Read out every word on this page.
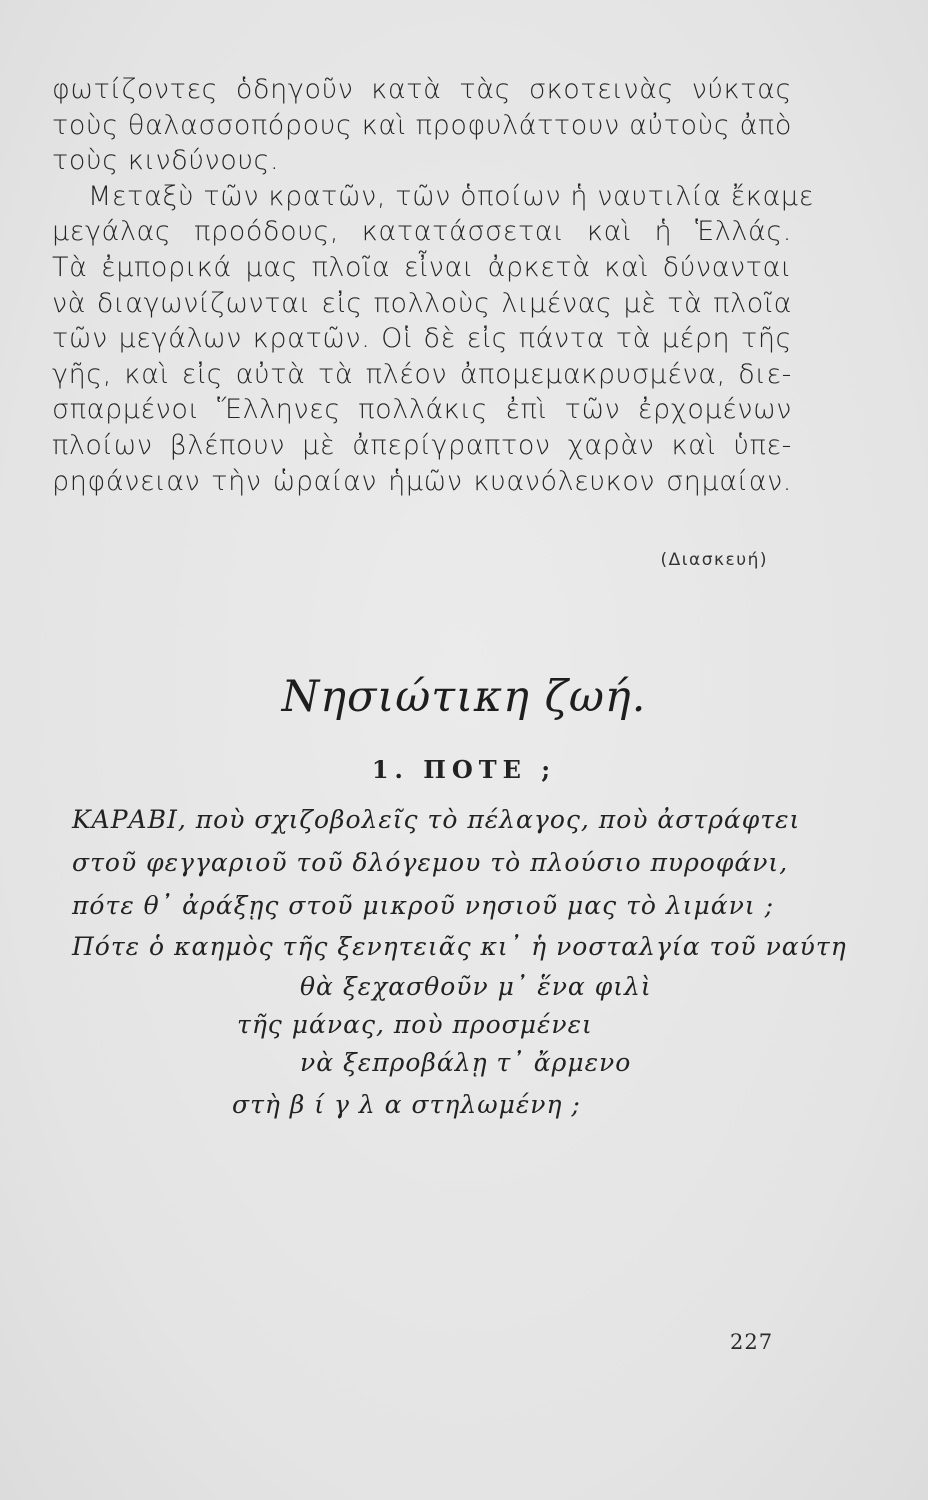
φωτίζοντες ὁδηγοῦν κατὰ τὰς σκοτεινὰς νύκτας
τοὺς θαλασσοπόρους καὶ προφυλάττουν αὐτοὺς ἀπὸ
τοὺς κινδύνους.
Μεταξὺ τῶν κρατῶν, τῶν ὁποίων ἡ ναυτιλία ἔκαμε
μεγάλας προόδους, κατατάσσεται καὶ ἡ Ἑλλάς.
Τὰ ἐμπορικά μας πλοῖα εἶναι ἀρκετὰ καὶ δύνανται
νὰ διαγωνίζωνται εἰς πολλοὺς λιμένας μὲ τὰ πλοῖα
τῶν μεγάλων κρατῶν. Οἱ δὲ εἰς πάντα τὰ μέρη τῆς
γῆς, καὶ εἰς αὐτὰ τὰ πλέον ἀπομεμακρυσμένα, διε-
σπαρμένοι Ἕλληνες πολλάκις ἐπὶ τῶν ἐρχομένων
πλοίων βλέπουν μὲ ἀπερίγραπτον χαρὰν καὶ ὑπε-
ρηφάνειαν τὴν ὡραίαν ἡμῶν κυανόλευκον σημαίαν.
(Διασκευή)
Νησιώτικη ζωή.
1. ΠΟΤΕ ;
ΚΑΡΑΒΙ, ποὺ σχιζοβολεῖς τὸ πέλαγος, ποὺ ἀστράφτει
στοῦ φεγγαριοῦ τοῦ δλόγεμου τὸ πλούσιο πυροφάνι,
πότε θ᾽ ἀράξῃς στοῦ μικροῦ νησιοῦ μας τὸ λιμάνι ;
Πότε ὁ καημὸς τῆς ξενητειᾶς κι᾽ ἡ νοσταλγία τοῦ ναύτη
θὰ ξεχασθοῦν μ᾽ ἕνα φιλὶ
τῆς μάνας, ποὺ προσμένει
νὰ ξεπροβάλῃ τ᾽ ἄρμενο
στὴ β ί γ λ α στηλωμένη ;
227
